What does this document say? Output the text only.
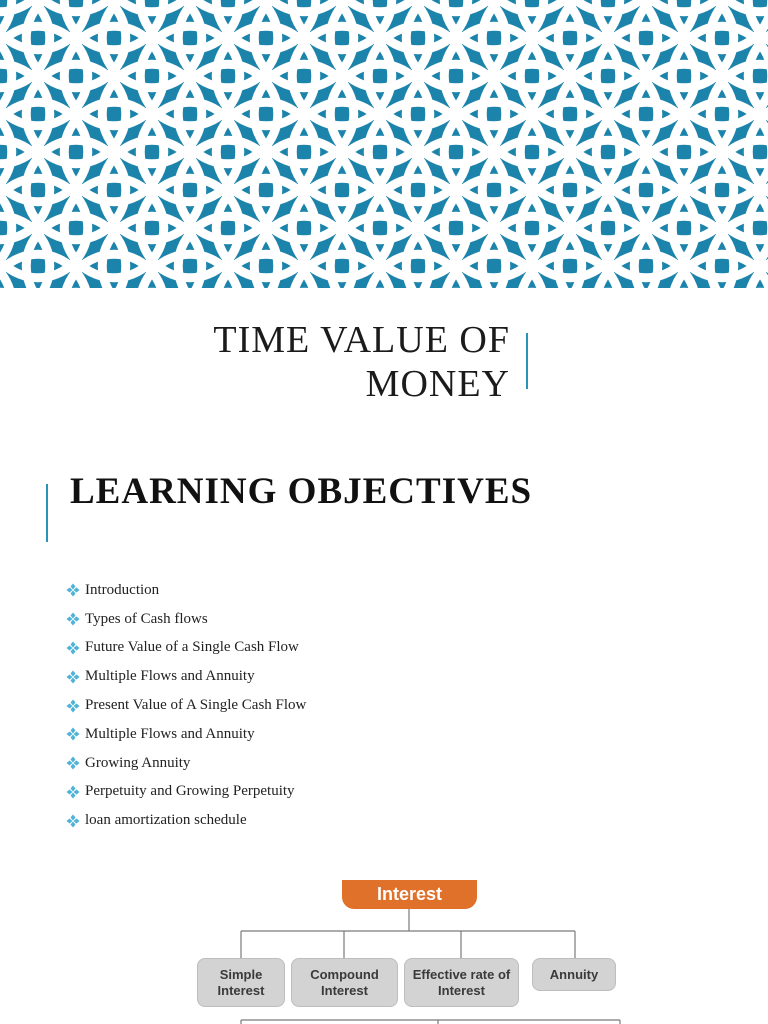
TIME VALUE OF
MONEY
LEARNING OBJECTIVES
Introduction
Types of Cash flows
Future Value of a Single Cash Flow
Multiple Flows and Annuity
Present Value of A Single Cash Flow
Multiple Flows and Annuity
Growing Annuity
Perpetuity and Growing Perpetuity
loan amortization schedule
Interest
Simple Interest
Compound Interest
Effective rate of Interest
Annuity
